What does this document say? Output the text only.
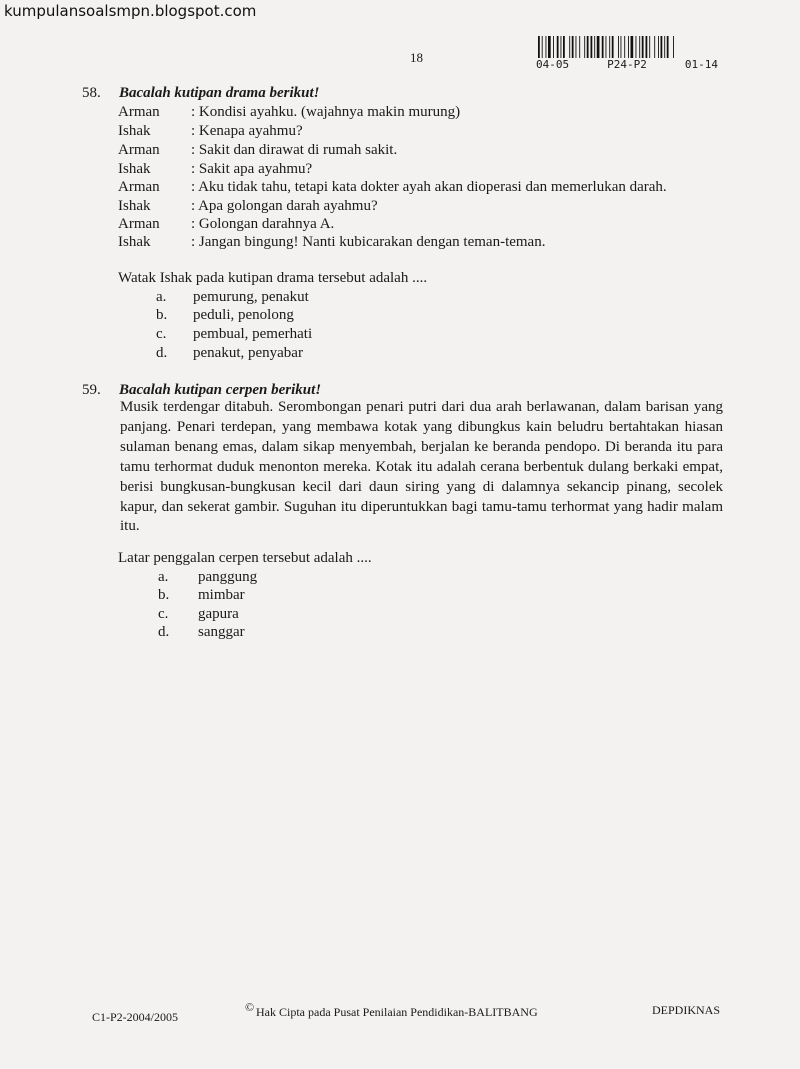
kumpulansoalsmpn.blogspot.com
18	04-05	P24-P2	01-14
58. Bacalah kutipan drama berikut!
Arman : Kondisi ayahku. (wajahnya makin murung)
Ishak	: Kenapa ayahmu?
Arman : Sakit dan dirawat di rumah sakit.
Ishak	: Sakit apa ayahmu?
Arman : Aku tidak tahu, tetapi kata dokter ayah akan dioperasi dan memerlukan darah.
Ishak	: Apa golongan darah ayahmu?
Arman : Golongan darahnya A.
Ishak	: Jangan bingung! Nanti kubicarakan dengan teman-teman.
Watak Ishak pada kutipan drama tersebut adalah ....
a. pemurung, penakut
b. peduli, penolong
c. pembual, pemerhati
d. penakut, penyabar
59. Bacalah kutipan cerpen berikut!
Musik terdengar ditabuh. Serombongan penari putri dari dua arah berlawanan, dalam barisan yang panjang. Penari terdepan, yang membawa kotak yang dibungkus kain beludru bertahtakan hiasan sulaman benang emas, dalam sikap menyembah, berjalan ke beranda pendopo. Di beranda itu para tamu terhormat duduk menonton mereka. Kotak itu adalah cerana berbentuk dulang berkaki empat, berisi bungkusan-bungkusan kecil dari daun siring yang di dalamnya sekancip pinang, secolek kapur, dan sekerat gambir. Suguhan itu diperuntukkan bagi tamu-tamu terhormat yang hadir malam itu.
Latar penggalan cerpen tersebut adalah ....
a. panggung
b. mimbar
c. gapura
d. sanggar
C1-P2-2004/2005
© Hak Cipta pada Pusat Penilaian Pendidikan-BALITBANG	DEPDIKNAS
